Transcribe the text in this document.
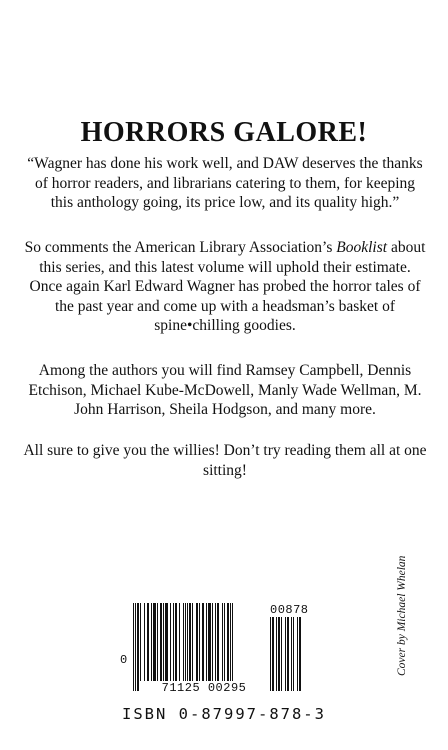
HORRORS GALORE!
“Wagner has done his work well, and DAW deserves the thanks of horror readers, and librarians catering to them, for keeping this anthology going, its price low, and its quality high.”
So comments the American Library Association’s Booklist about this series, and this latest volume will uphold their estimate. Once again Karl Edward Wagner has probed the horror tales of the past year and come up with a headsman’s basket of spine•chilling goodies.
Among the authors you will find Ramsey Campbell, Dennis Etchison, Michael Kube-McDowell, Manly Wade Wellman, M. John Harrison, Sheila Hodgson, and many more.
All sure to give you the willies! Don’t try reading them all at one sitting!
00878
0
71125 00295
ISBN 0-87997-878-3
Cover by Michael Whelan
